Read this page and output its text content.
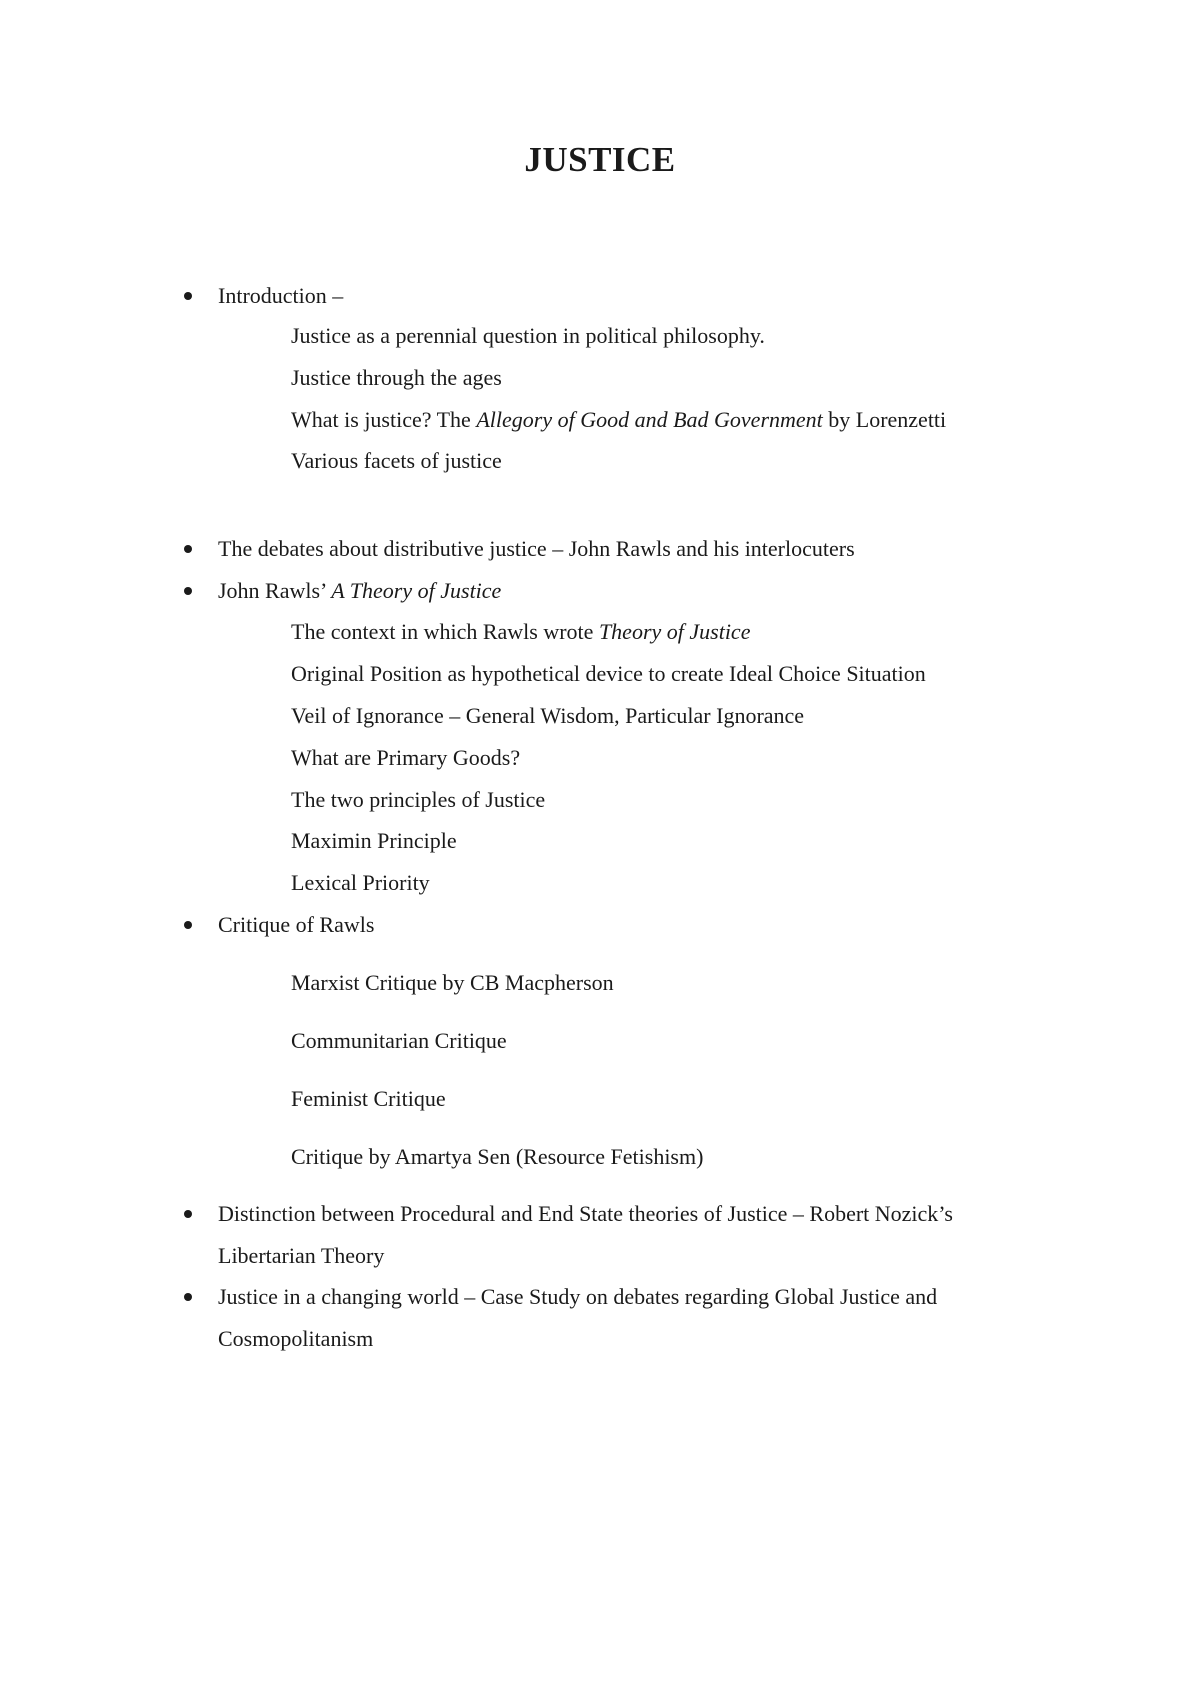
JUSTICE
Introduction –
Justice as a perennial question in political philosophy.
Justice through the ages
What is justice? The Allegory of Good and Bad Government by Lorenzetti
Various facets of justice
The debates about distributive justice – John Rawls and his interlocuters
John Rawls’ A Theory of Justice
The context in which Rawls wrote Theory of Justice
Original Position as hypothetical device to create Ideal Choice Situation
Veil of Ignorance – General Wisdom, Particular Ignorance
What are Primary Goods?
The two principles of Justice
Maximin Principle
Lexical Priority
Critique of Rawls
Marxist Critique by CB Macpherson
Communitarian Critique
Feminist Critique
Critique by Amartya Sen (Resource Fetishism)
Distinction between Procedural and End State theories of Justice – Robert Nozick’s
Libertarian Theory
Justice in a changing world – Case Study on debates regarding Global Justice and
Cosmopolitanism
